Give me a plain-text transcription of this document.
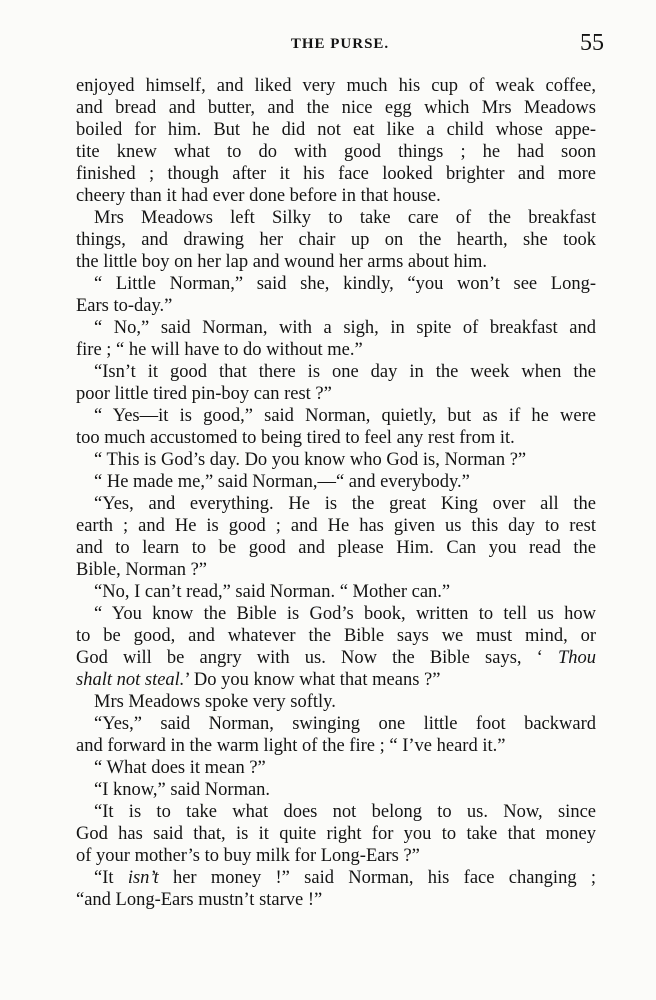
THE PURSE.	55
enjoyed himself, and liked very much his cup of weak coffee,
and bread and butter, and the nice egg which Mrs Meadows
boiled for him. But he did not eat like a child whose appe-
tite knew what to do with good things ; he had soon
finished ; though after it his face looked brighter and more
cheery than it had ever done before in that house.
Mrs Meadows left Silky to take care of the breakfast
things, and drawing her chair up on the hearth, she took
the little boy on her lap and wound her arms about him.
“ Little Norman,” said she, kindly, “you won’t see Long-
Ears to-day.”
“ No,” said Norman, with a sigh, in spite of breakfast and
fire ; “ he will have to do without me.”
“Isn’t it good that there is one day in the week when the
poor little tired pin-boy can rest ?”
“ Yes—it is good,” said Norman, quietly, but as if he were
too much accustomed to being tired to feel any rest from it.
“ This is God’s day. Do you know who God is, Norman ?”
“ He made me,” said Norman,—“ and everybody.”
“Yes, and everything. He is the great King over all the
earth ; and He is good ; and He has given us this day to rest
and to learn to be good and please Him. Can you read the
Bible, Norman ?”
“No, I can’t read,” said Norman. “ Mother can.”
“ You know the Bible is God’s book, written to tell us how
to be good, and whatever the Bible says we must mind, or
God will be angry with us. Now the Bible says, ‘ Thou
shalt not steal.’ Do you know what that means ?”
Mrs Meadows spoke very softly.
“Yes,” said Norman, swinging one little foot backward
and forward in the warm light of the fire ; “ I’ve heard it.”
“ What does it mean ?”
“I know,” said Norman.
“It is to take what does not belong to us. Now, since
God has said that, is it quite right for you to take that money
of your mother’s to buy milk for Long-Ears ?”
“It isn’t her money !” said Norman, his face changing ;
“and Long-Ears mustn’t starve !”
